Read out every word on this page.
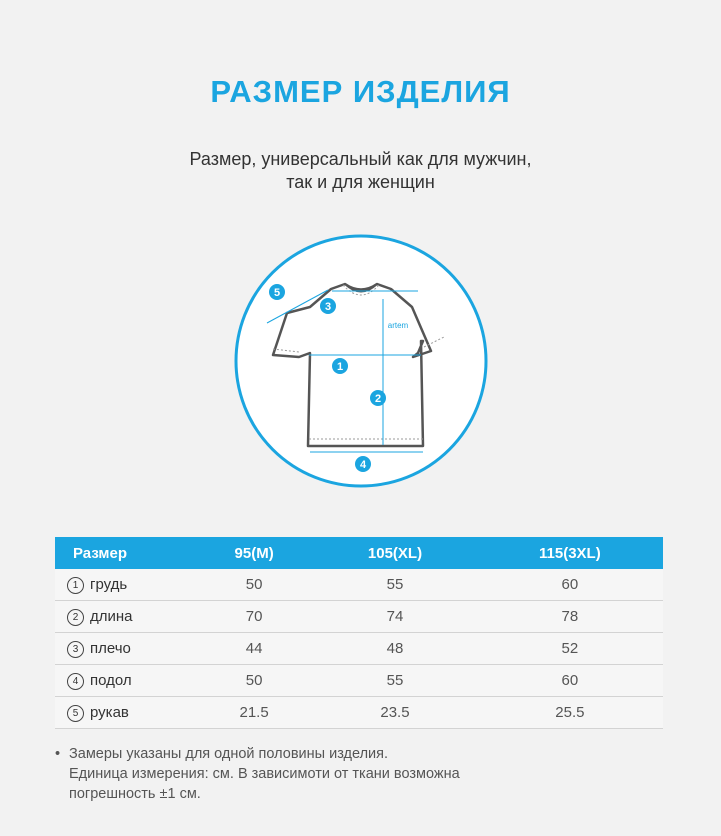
РАЗМЕР ИЗДЕЛИЯ
Размер, универсальный как для мужчин,
так и для женщин
artem
1
2
3
4
5
Размер	95(M)	105(XL)	115(3XL)
1 грудь	50	55	60
2 длина	70	74	78
3 плечо	44	48	52
4 подол	50	55	60
5 рукав	21.5	23.5	25.5
• Замеры указаны для одной половины изделия.
Единица измерения: см. В зависимоти от ткани возможна
погрешность ±1 см.
